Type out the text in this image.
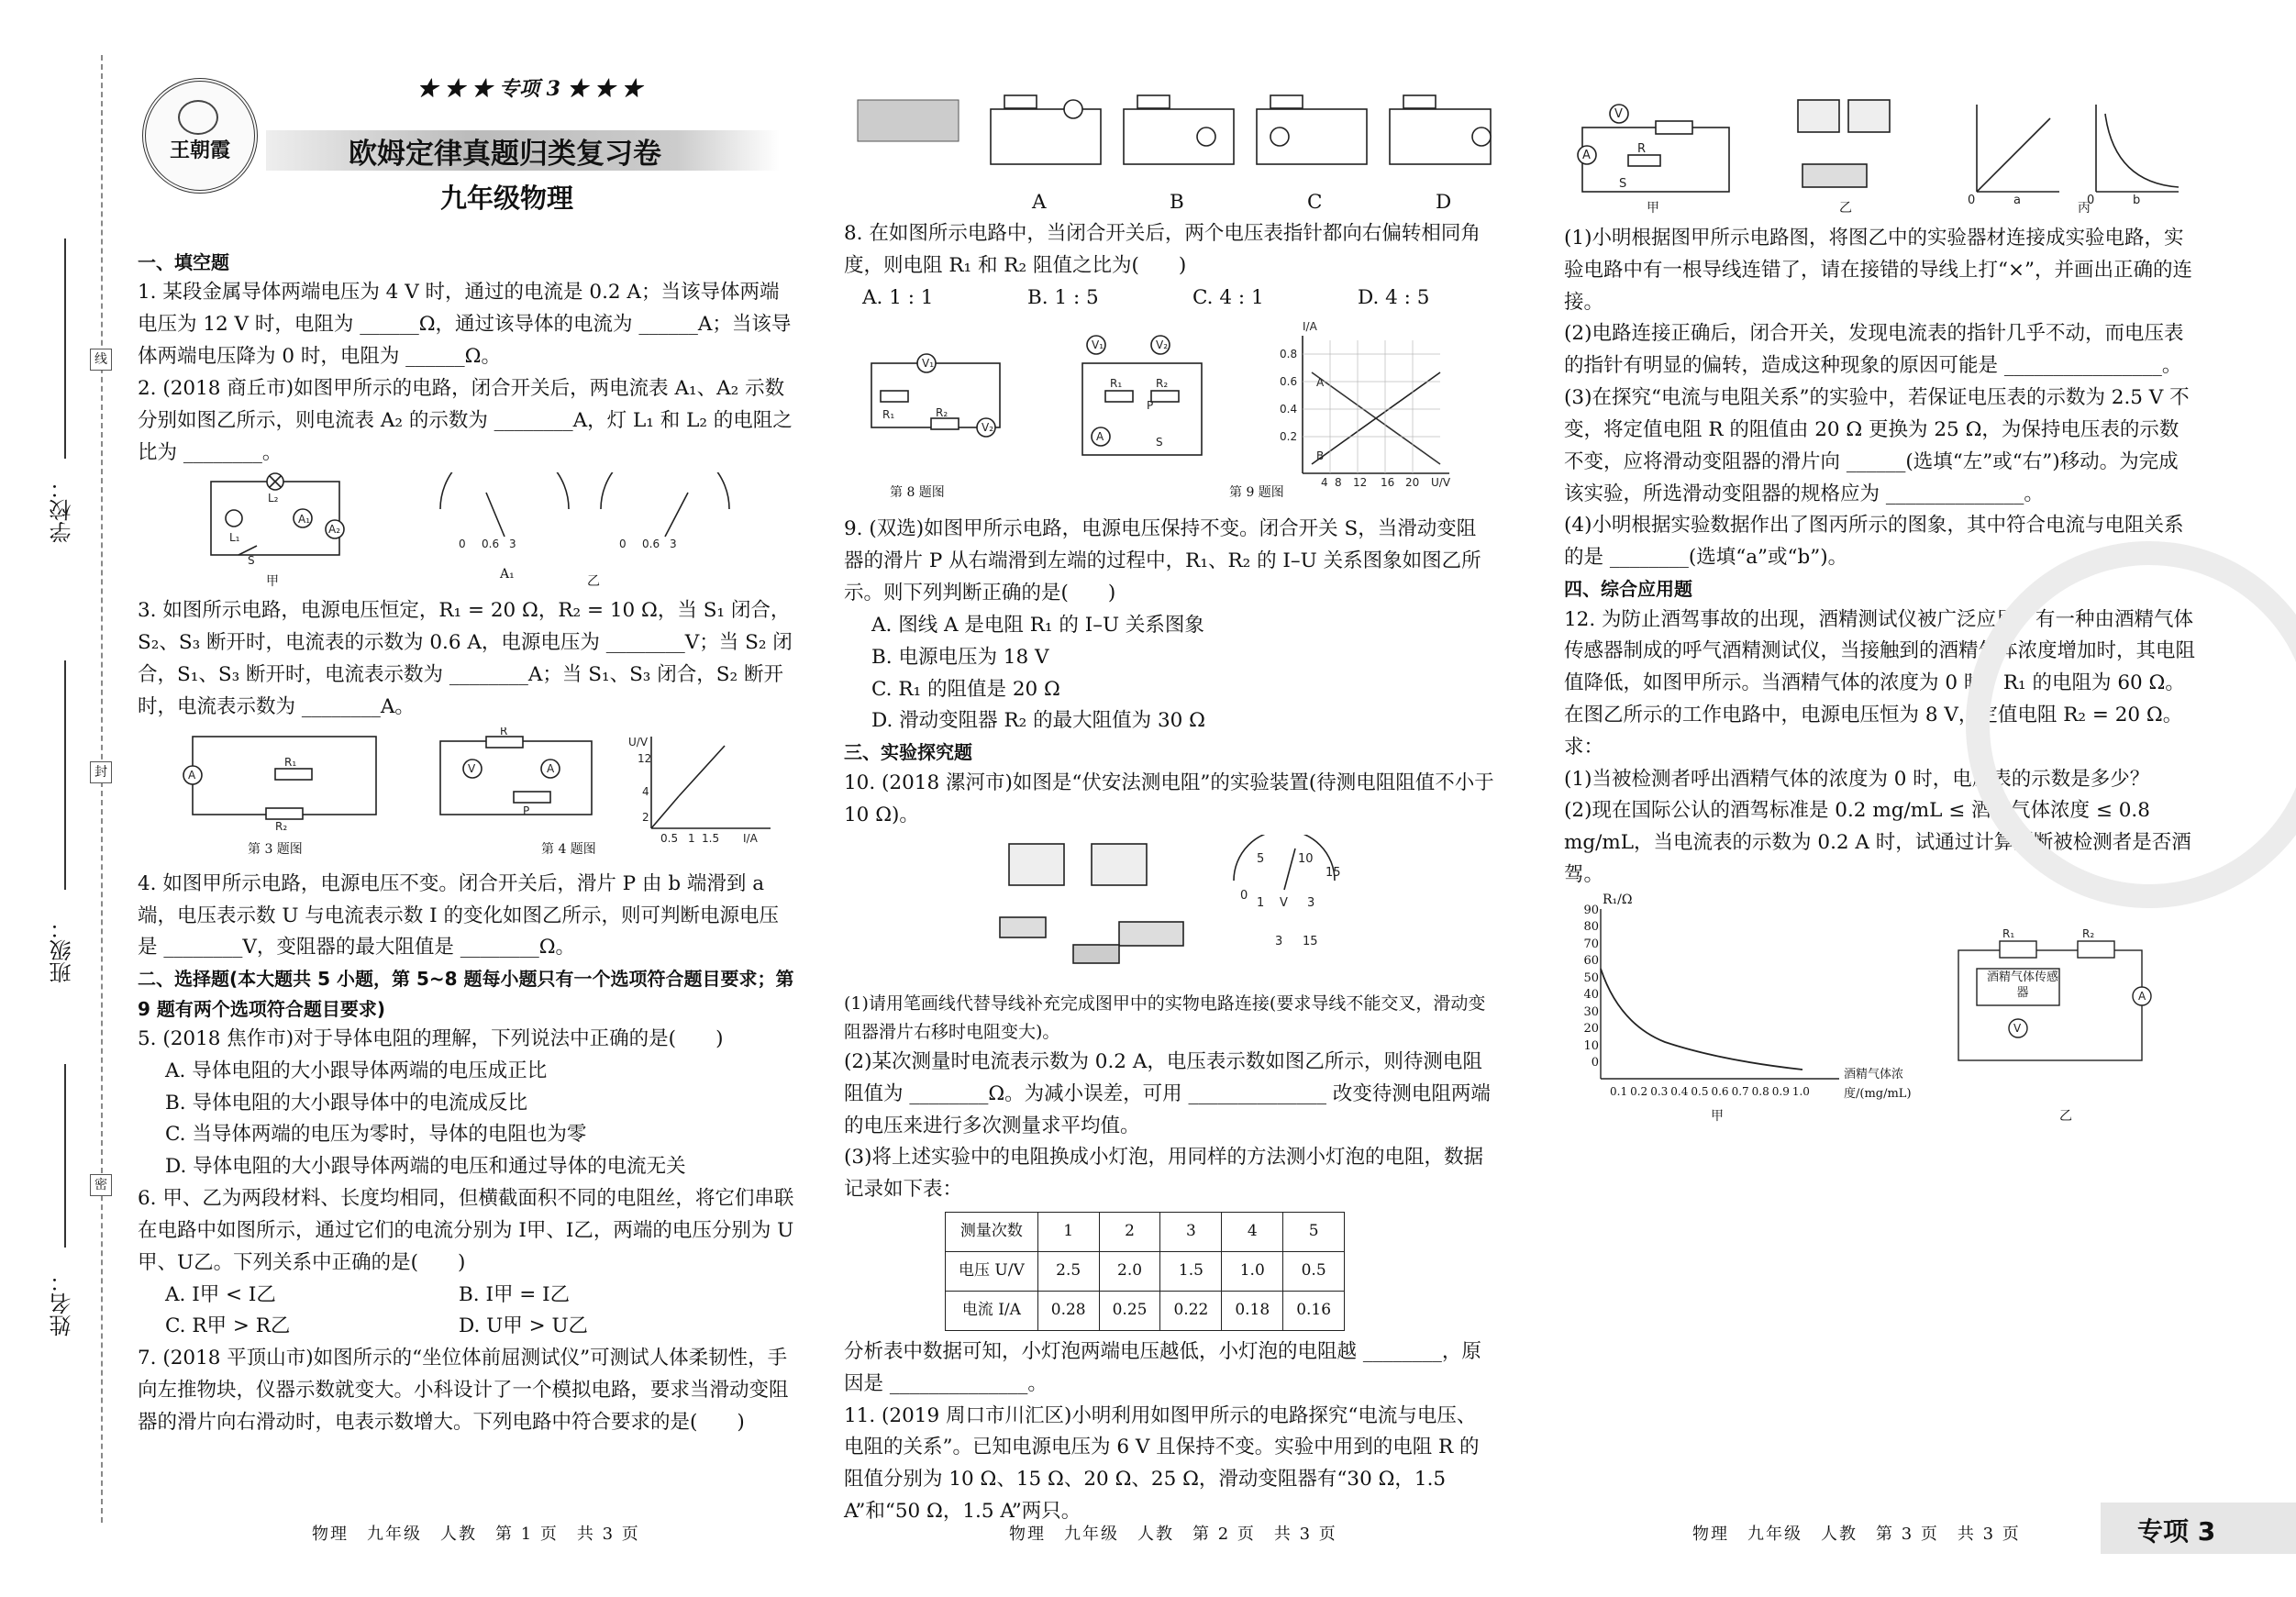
学校：
班级：
姓名：
线
封
密
王朝霞
★ ★ ★ 专项 3 ★ ★ ★
欧姆定律真题归类复习卷
九年级物理

一、填空题

1. 某段金属导体两端电压为 4 V 时，通过的电流是 0.2 A；当该导体两端电压为 12 V 时，电阻为 ______Ω，通过该导体的电流为 ______A；当该导体两端电压降为 0 时，电阻为 ______Ω。

2. (2018 商丘市)如图甲所示的电路，闭合开关后，两电流表 A₁、A₂ 示数分别如图乙所示，则电流表 A₂ 的示数为 ________A，灯 L₁ 和 L₂ 的电阻之比为 ________。

A₁
A₂
L₂
L₁
S
0 0.6 3	0 0.6 3
甲	A₁	乙

3. 如图所示电路，电源电压恒定，R₁ = 20 Ω，R₂ = 10 Ω，当 S₁ 闭合，S₂、S₃ 断开时，电流表的示数为 0.6 A，电源电压为 ________V；当 S₂ 闭合，S₁、S₃ 断开时，电流表示数为 ________A；当 S₁、S₃ 闭合，S₂ 断开时，电流表示数为 ________A。

A
R₁
R₂
R
V	A
P
U/V
12
4
2
0.5 1 1.5 I/A
第 3 题图	第 4 题图

4. 如图甲所示电路，电源电压不变。闭合开关后，滑片 P 由 b 端滑到 a 端，电压表示数 U 与电流表示数 I 的变化如图乙所示，则可判断电源电压是 ________V，变阻器的最大阻值是 ________Ω。

二、选择题(本大题共 5 小题，第 5~8 题每小题只有一个选项符合题目要求；第 9 题有两个选项符合题目要求)

5. (2018 焦作市)对于导体电阻的理解，下列说法中正确的是(　　)

A. 导体电阻的大小跟导体两端的电压成正比

B. 导体电阻的大小跟导体中的电流成反比

C. 当导体两端的电压为零时，导体的电阻也为零

D. 导体电阻的大小跟导体两端的电压和通过导体的电流无关

6. 甲、乙为两段材料、长度均相同，但横截面积不同的电阻丝，将它们串联在电路中如图所示，通过它们的电流分别为 I甲、I乙，两端的电压分别为 U甲、U乙。下列关系中正确的是(　　)

A. I甲 < I乙	B. I甲 = I乙
C. R甲 > R乙	D. U甲 > U乙

7. (2018 平顶山市)如图所示的“坐位体前屈测试仪”可测试人体柔韧性，手向左推物块，仪器示数就变大。小科设计了一个模拟电路，要求当滑动变阻器的滑片向右滑动时，电表示数增大。下列电路中符合要求的是(　　)

A	B	C	D

8. 在如图所示电路中，当闭合开关后，两个电压表指针都向右偏转相同角度，则电阻 R₁ 和 R₂ 阻值之比为(　　)

A. 1 : 1	B. 1 : 5	C. 4 : 1	D. 4 : 5
I/A
0.8
0.6
0.4
0.2
4 8 12 16 20 U/V
A
B
V₁
V₂
R₁	R₂
V₁	V₂
R₁	R₂
P
A	S
第 8 题图	第 9 题图

9. (双选)如图甲所示电路，电源电压保持不变。闭合开关 S，当滑动变阻器的滑片 P 从右端滑到左端的过程中，R₁、R₂ 的 I–U 关系图象如图乙所示。则下列判断正确的是(　　)

A. 图线 A 是电阻 R₁ 的 I–U 关系图象

B. 电源电压为 18 V

C. R₁ 的阻值是 20 Ω

D. 滑动变阻器 R₂ 的最大阻值为 30 Ω

三、实验探究题

10. (2018 漯河市)如图是“伏安法测电阻”的实验装置(待测电阻阻值不小于 10 Ω)。

0
5	10
15
1 V 3
3 15

(1)请用笔画线代替导线补充完成图甲中的实物电路连接(要求导线不能交叉，滑动变阻器滑片右移时电阻变大)。

(2)某次测量时电流表示数为 0.2 A，电压表示数如图乙所示，则待测电阻阻值为 ________Ω。为减小误差，可用 ______________ 改变待测电阻两端的电压来进行多次测量求平均值。

(3)将上述实验中的电阻换成小灯泡，用同样的方法测小灯泡的电阻，数据记录如下表：

测量次数	1	2	3	4	5
电压 U/V	2.5	2.0	1.5	1.0	0.5
电流 I/A	0.28	0.25	0.22	0.18	0.16

分析表中数据可知，小灯泡两端电压越低，小灯泡的电阻越 ________，原因是 ______________。

11. (2019 周口市川汇区)小明利用如图甲所示的电路探究“电流与电压、电阻的关系”。已知电源电压为 6 V 且保持不变。实验中用到的电阻 R 的阻值分别为 10 Ω、15 Ω、20 Ω、25 Ω，滑动变阻器有“30 Ω，1.5 A”和“50 Ω，1.5 A”两只。

V
A	R
S
0	a	0	b
甲	乙	丙

(1)小明根据图甲所示电路图，将图乙中的实验器材连接成实验电路，实验电路中有一根导线连错了，请在接错的导线上打“×”，并画出正确的连接。

(2)电路连接正确后，闭合开关，发现电流表的指针几乎不动，而电压表的指针有明显的偏转，造成这种现象的原因可能是 ________________。

(3)在探究“电流与电阻关系”的实验中，若保证电压表的示数为 2.5 V 不变，将定值电阻 R 的阻值由 20 Ω 更换为 25 Ω，为保持电压表的示数不变，应将滑动变阻器的滑片向 ______(选填“左”或“右”)移动。为完成该实验，所选滑动变阻器的规格应为 ______________。

(4)小明根据实验数据作出了图丙所示的图象，其中符合电流与电阻关系的是 ________(选填“a”或“b”)。

四、综合应用题

12. 为防止酒驾事故的出现，酒精测试仪被广泛应用。有一种由酒精气体传感器制成的呼气酒精测试仪，当接触到的酒精气体浓度增加时，其电阻值降低，如图甲所示。当酒精气体的浓度为 0 时，R₁ 的电阻为 60 Ω。在图乙所示的工作电路中，电源电压恒为 8 V，定值电阻 R₂ = 20 Ω。求：

(1)当被检测者呼出酒精气体的浓度为 0 时，电压表的示数是多少？

(2)现在国际公认的酒驾标准是 0.2 mg/mL ≤ 酒精气体浓度 ≤ 0.8 mg/mL，当电流表的示数为 0.2 A 时，试通过计算判断被检测者是否酒驾。

R₁	R₂
A
V
R₁/Ω
酒精气体浓度/(mg/mL)
酒精气体传感器
90
80
70
60
50
40
30
20
10
0
0.1 0.2 0.3 0.4 0.5 0.6 0.7 0.8 0.9 1.0
甲	乙
物理　九年级　人教　第 1 页　共 3 页	物理　九年级　人教　第 2 页　共 3 页	物理　九年级　人教　第 3 页　共 3 页	专项 3
